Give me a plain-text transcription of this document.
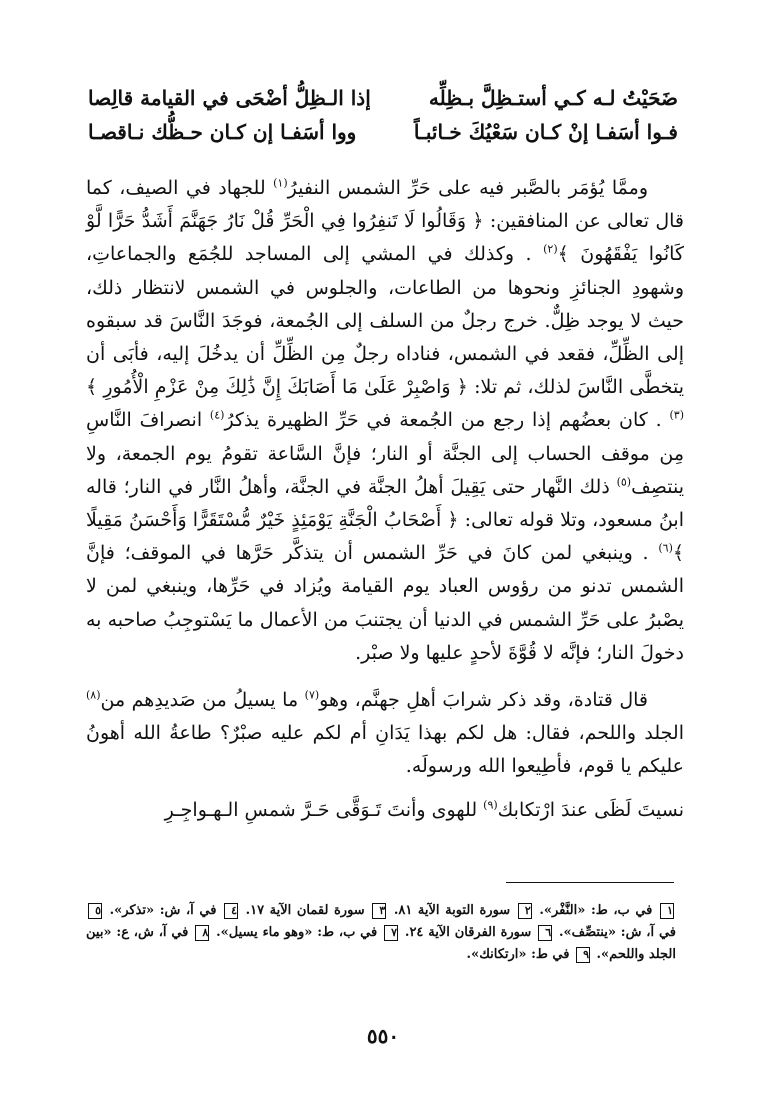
ضَحَيْتُ لـه كـي أستـظِلَّ بـظِلِّه
إذا الـظِلُّ أضْحَى في القيامة قالِصا
فـوا أسَفـا إنْ كـان سَعْيُكَ خـائبـاً
ووا أسَفـا إن كـان حـظُّك نـاقصـا

وممَّا يُؤمَر بالصَّبر فيه على حَرِّ الشمس النفيرُ$^{(١)}$ للجهاد في الصيف، كما قال تعالى عن المنافقين: ﴿ وَقَالُوا لَا تَنفِرُوا فِي الْحَرِّ قُلْ نَارُ جَهَنَّمَ أَشَدُّ حَرًّا لَّوْ كَانُوا يَفْقَهُونَ ﴾$^{(٢)}$ . وكذلك في المشي إلى المساجد للجُمَع والجماعاتِ، وشهودِ الجنائزِ ونحوها من الطاعات، والجلوس في الشمس لانتظار ذلك، حيث لا يوجد ظِلٌّ. خرج رجلٌ من السلف إلى الجُمعة، فوجَدَ النَّاسَ قد سبقوه إلى الظِّلِّ، فقعد في الشمس، فناداه رجلٌ مِن الظِّلِّ أن يدخُلَ إليه، فأبَى أن يتخطَّى النَّاسَ لذلك، ثم تلا: ﴿ وَاصْبِرْ عَلَىٰ مَا أَصَابَكَ إِنَّ ذَٰلِكَ مِنْ عَزْمِ الْأُمُورِ ﴾$^{(٣)}$ . كان بعضُهم إذا رجع من الجُمعة في حَرِّ الظهيرة يذكرُ$^{(٤)}$ انصرافَ النَّاسِ مِن موقف الحساب إلى الجنَّة أو النار؛ فإنَّ السَّاعة تقومُ يوم الجمعة، ولا ينتصِف$^{(٥)}$ ذلك النَّهار حتى يَقِيلَ أهلُ الجنَّة في الجنَّة، وأهلُ النَّار في النار؛ قاله ابنُ مسعود، وتلا قوله تعالى: ﴿ أَصْحَابُ الْجَنَّةِ يَوْمَئِذٍ خَيْرٌ مُّسْتَقَرًّا وَأَحْسَنُ مَقِيلًا ﴾$^{(٦)}$ . وينبغي لمن كانَ في حَرِّ الشمس أن يتذكَّر حَرَّها في الموقف؛ فإنَّ الشمس تدنو من رؤوس العباد يوم القيامة ويُزاد في حَرِّها، وينبغي لمن لا يصْبرُ على حَرِّ الشمس في الدنيا أن يجتنبَ من الأعمال ما يَسْتوجِبُ صاحبه به دخولَ النار؛ فإنَّه لا قُوَّةَ لأحدٍ عليها ولا صبْر.

قال قتادة، وقد ذكر شرابَ أهلِ جهنَّم، وهو$^{(٧)}$ ما يسيلُ من صَديدِهم من$^{(٨)}$ الجلد واللحم، فقال: هل لكم بهذا يَدَانِ أم لكم عليه صبْرٌ؟ طاعةُ الله أهونُ عليكم يا قوم، فأطِيعوا الله ورسولَه.

نسيتَ لَظَى عندَ ارْتكابك$^{(٩)}$ للهوى وأنتَ تَـوَقَّى حَـرَّ شمسِ الـهـواجِـرِ

١ في ب، ط: «النَّفْر». ٢ سورة التوبة الآية ٨١. ٣ سورة لقمان الآية ١٧. ٤ في آ، ش: «تذكر». ٥ في آ، ش: «ينتصِّف». ٦ سورة الفرقان الآية ٢٤. ٧ في ب، ط: «وهو ماء يسيل». ٨ في آ، ش، ع: «بين الجلد واللحم». ٩ في ط: «ارتكانك».
٥٥٠
